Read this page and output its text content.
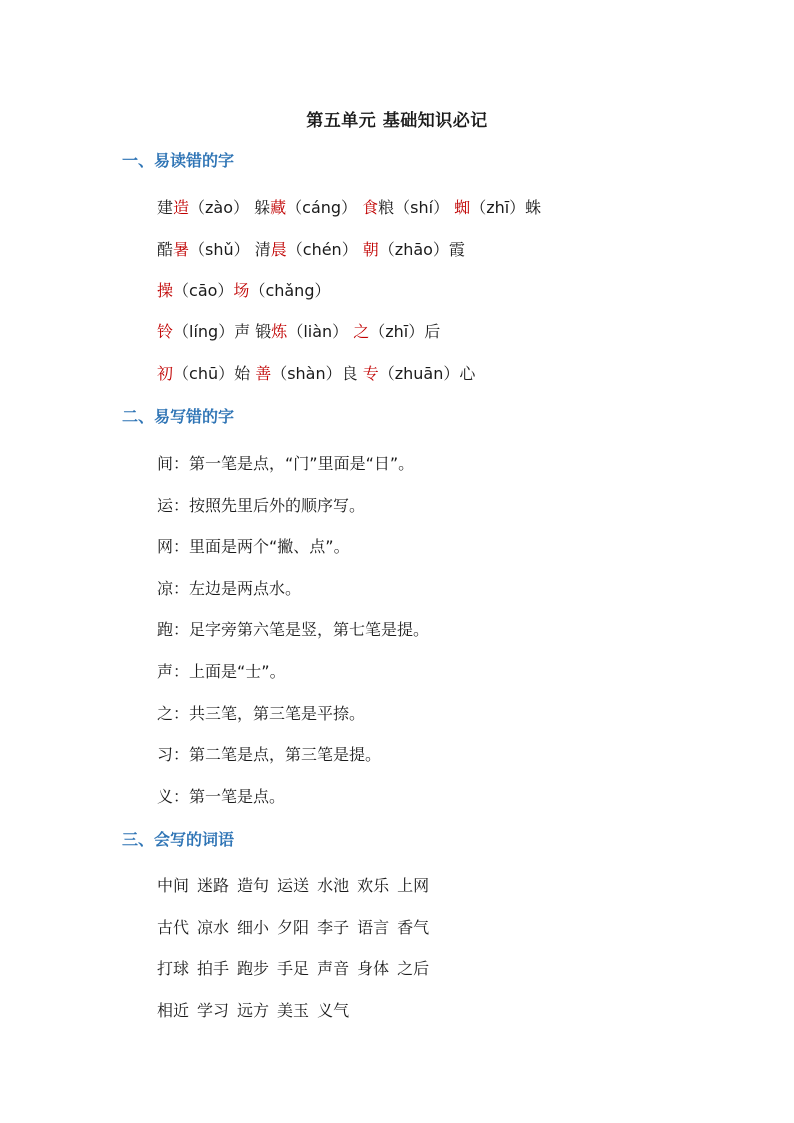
第五单元 基础知识必记
一、易读错的字
建造（zào） 躲藏（cáng） 食粮（shí） 蜘（zhī）蛛
酷暑（shǔ） 清晨（chén） 朝（zhāo）霞
操（cāo）场（chǎng）
铃（líng）声 锻炼（liàn） 之（zhī）后
初（chū）始 善（shàn）良 专（zhuān）心
二、易写错的字
间：第一笔是点，“门”里面是“日”。
运：按照先里后外的顺序写。
网：里面是两个“撇、点”。
凉：左边是两点水。
跑：足字旁第六笔是竖，第七笔是提。
声：上面是“士”。
之：共三笔，第三笔是平捺。
习：第二笔是点，第三笔是提。
义：第一笔是点。
三、会写的词语
中间 迷路 造句 运送 水池 欢乐 上网
古代 凉水 细小 夕阳 李子 语言 香气
打球 拍手 跑步 手足 声音 身体 之后
相近 学习 远方 美玉 义气
